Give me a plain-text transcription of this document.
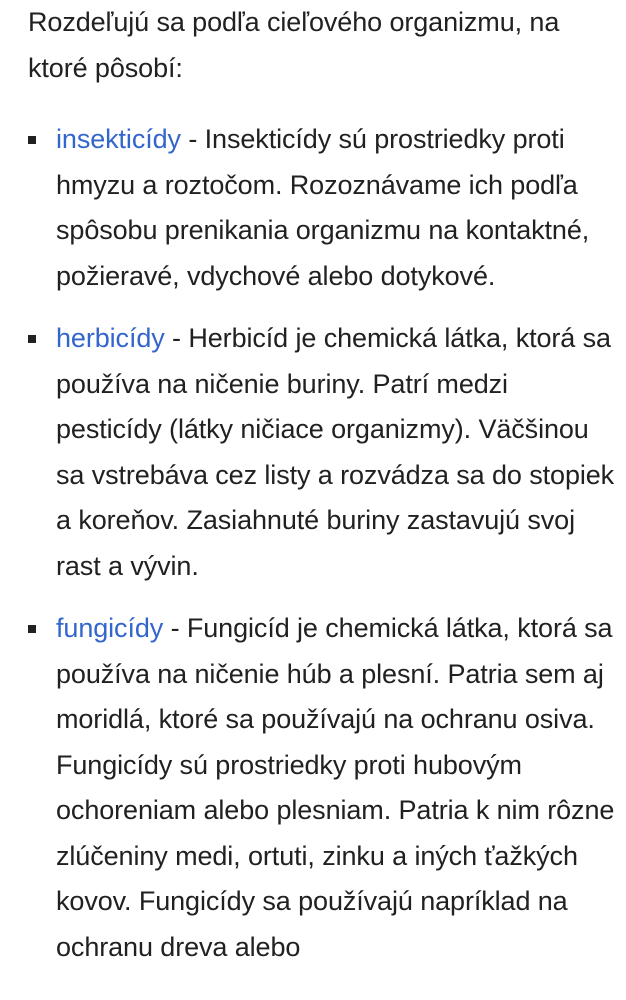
Rozdeľujú sa podľa cieľového organizmu, na ktoré pôsobí:

insekticídy - Insekticídy sú prostriedky proti hmyzu a roztočom. Rozoznávame ich podľa spôsobu prenikania organizmu na kontaktné, požieravé, vdychové alebo dotykové.
herbicídy - Herbicíd je chemická látka, ktorá sa používa na ničenie buriny. Patrí medzi pesticídy (látky ničiace organizmy). Väčšinou sa vstrebáva cez listy a rozvádza sa do stopiek a koreňov. Zasiahnuté buriny zastavujú svoj rast a vývin.
fungicídy - Fungicíd je chemická látka, ktorá sa používa na ničenie húb a plesní. Patria sem aj moridlá, ktoré sa používajú na ochranu osiva. Fungicídy sú prostriedky proti hubovým ochoreniam alebo plesniam. Patria k nim rôzne zlúčeniny medi, ortuti, zinku a iných ťažkých kovov. Fungicídy sa používajú napríklad na ochranu dreva alebo
